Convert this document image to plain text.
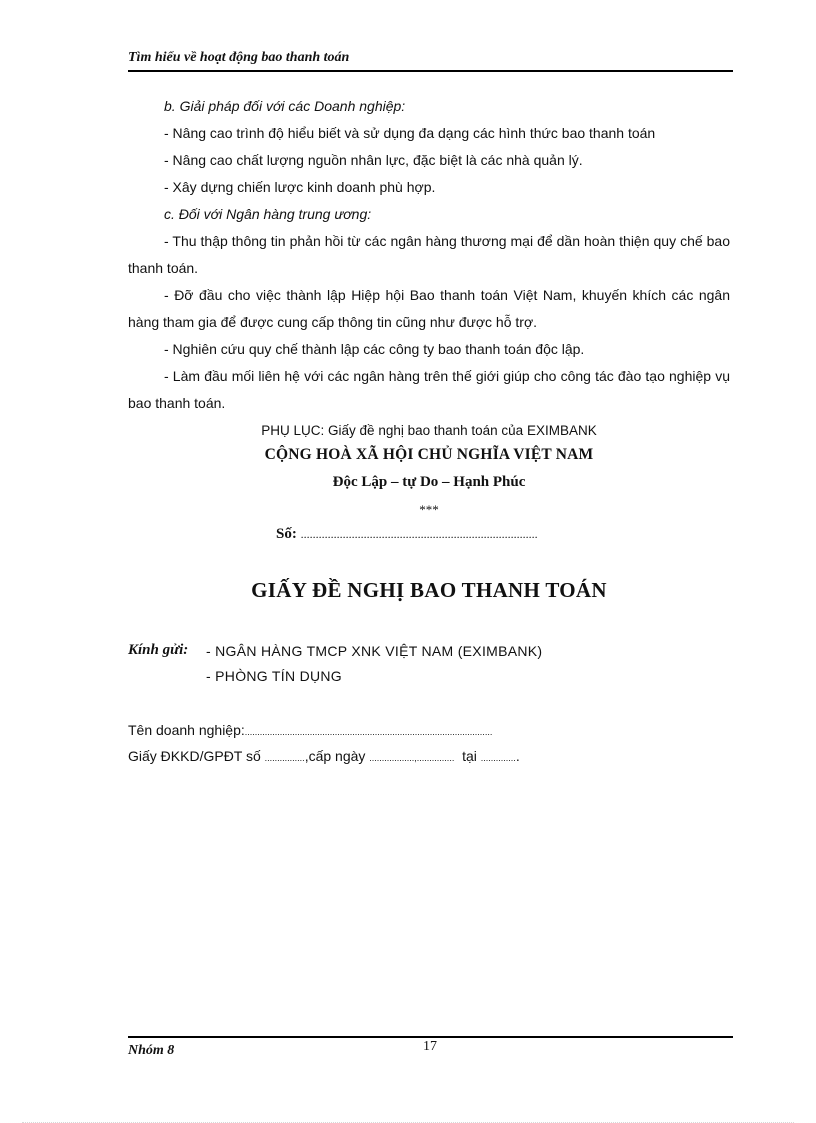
Tìm hiểu về hoạt động bao thanh toán

b. Giải pháp đối với các Doanh nghiệp:

- Nâng cao trình độ hiểu biết và sử dụng đa dạng các hình thức bao thanh toán

- Nâng cao chất lượng nguồn nhân lực, đặc biệt là các nhà quản lý.

- Xây dựng chiến lược kinh doanh phù hợp.

c. Đối với Ngân hàng trung ương:

- Thu thập thông tin phản hồi từ các ngân hàng thương mại để dần hoàn thiện quy chế bao thanh toán.

- Đỡ đầu cho việc thành lập Hiệp hội Bao thanh toán Việt Nam, khuyến khích các ngân hàng tham gia để được cung cấp thông tin cũng như được hỗ trợ.

- Nghiên cứu quy chế thành lập các công ty bao thanh toán độc lập.

- Làm đầu mối liên hệ với các ngân hàng trên thế giới giúp cho công tác đào tạo nghiệp vụ bao thanh toán.

PHỤ LỤC: Giấy đề nghị bao thanh toán của EXIMBANK

CỘNG HOÀ XÃ HỘI CHỦ NGHĨA VIỆT NAM
Độc Lập – tự Do – Hạnh Phúc
***
Số: ...............................................................................
GIẤY ĐỀ NGHỊ BAO THANH TOÁN
Kính gửi: - NGÂN HÀNG TMCP XNK VIỆT NAM (EXIMBANK)
- PHÒNG TÍN DỤNG
Tên doanh nghiệp:...................................................................................................
Giấy ĐKKD/GPĐT số ................,cấp ngày ..................,...............  tại ...............
Nhóm 8	17
